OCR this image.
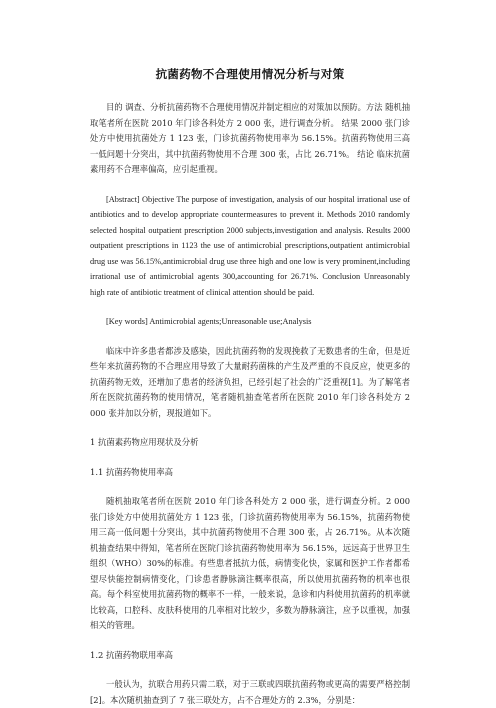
抗菌药物不合理使用情况分析与对策

目的 调查、分析抗菌药物不合理使用情况并制定相应的对策加以预防。方法 随机抽取笔者所在医院 2010 年门诊各科处方 2 000 张，进行调查分析。 结果 2000 张门诊处方中使用抗菌处方 1 123 张，门诊抗菌药物使用率为 56.15%。抗菌药物使用三高一低问题十分突出，其中抗菌药物使用不合理 300 张，占比 26.71%。 结论 临床抗菌素用药不合理率偏高，应引起重视。

[Abstract] Objective The purpose of investigation, analysis of our hospital irrational use of antibiotics and to develop appropriate countermeasures to prevent it. Methods 2010 randomly selected hospital outpatient prescription 2000 subjects,investigation and analysis. Results 2000 outpatient prescriptions in 1123 the use of antimicrobial prescriptions,outpatient antimicrobial drug use was 56.15%,antimicrobial drug use three high and one low is very prominent,including irrational use of antimicrobial agents 300,accounting for 26.71%. Conclusion Unreasonably high rate of antibiotic treatment of clinical attention should be paid.

[Key words] Antimicrobial agents;Unreasonable use;Analysis

临床中许多患者都涉及感染，因此抗菌药物的发现挽救了无数患者的生命，但是近些年来抗菌药物的不合理应用导致了大量耐药菌株的产生及严重的不良反应，使更多的抗菌药物无效，还增加了患者的经济负担，已经引起了社会的广泛重视[1]。为了解笔者所在医院抗菌药物的使用情况，笔者随机抽查笔者所在医院 2010 年门诊各科处方 2 000 张并加以分析，现报道如下。

1 抗菌素药物应用现状及分析

1.1 抗菌药物使用率高

随机抽取笔者所在医院 2010 年门诊各科处方 2 000 张，进行调查分析。2 000 张门诊处方中使用抗菌处方 1 123 张，门诊抗菌药物使用率为 56.15%，抗菌药物使用三高一低问题十分突出，其中抗菌药物使用不合理 300 张，占 26.71%。从本次随机抽查结果中得知，笔者所在医院门诊抗菌药物使用率为 56.15%，远远高于世界卫生组织（WHO）30%的标准。有些患者抵抗力低，病情变化快，家属和医护工作者都希望尽快能控制病情变化，门诊患者静脉滴注概率很高，所以使用抗菌药物的机率也很高。每个科室使用抗菌药物的概率不一样，一般来说，急诊和内科使用抗菌药的机率就比较高，口腔科、皮肤科使用的几率相对比较少，多数为静脉滴注，应予以重视，加强相关的管理。

1.2 抗菌药物联用率高

一般认为，抗联合用药只需二联，对于三联或四联抗菌药物或更高的需要严格控制[2]。本次随机抽查到了 7 张三联处方，占不合理处方的 2.3%，分别是：
